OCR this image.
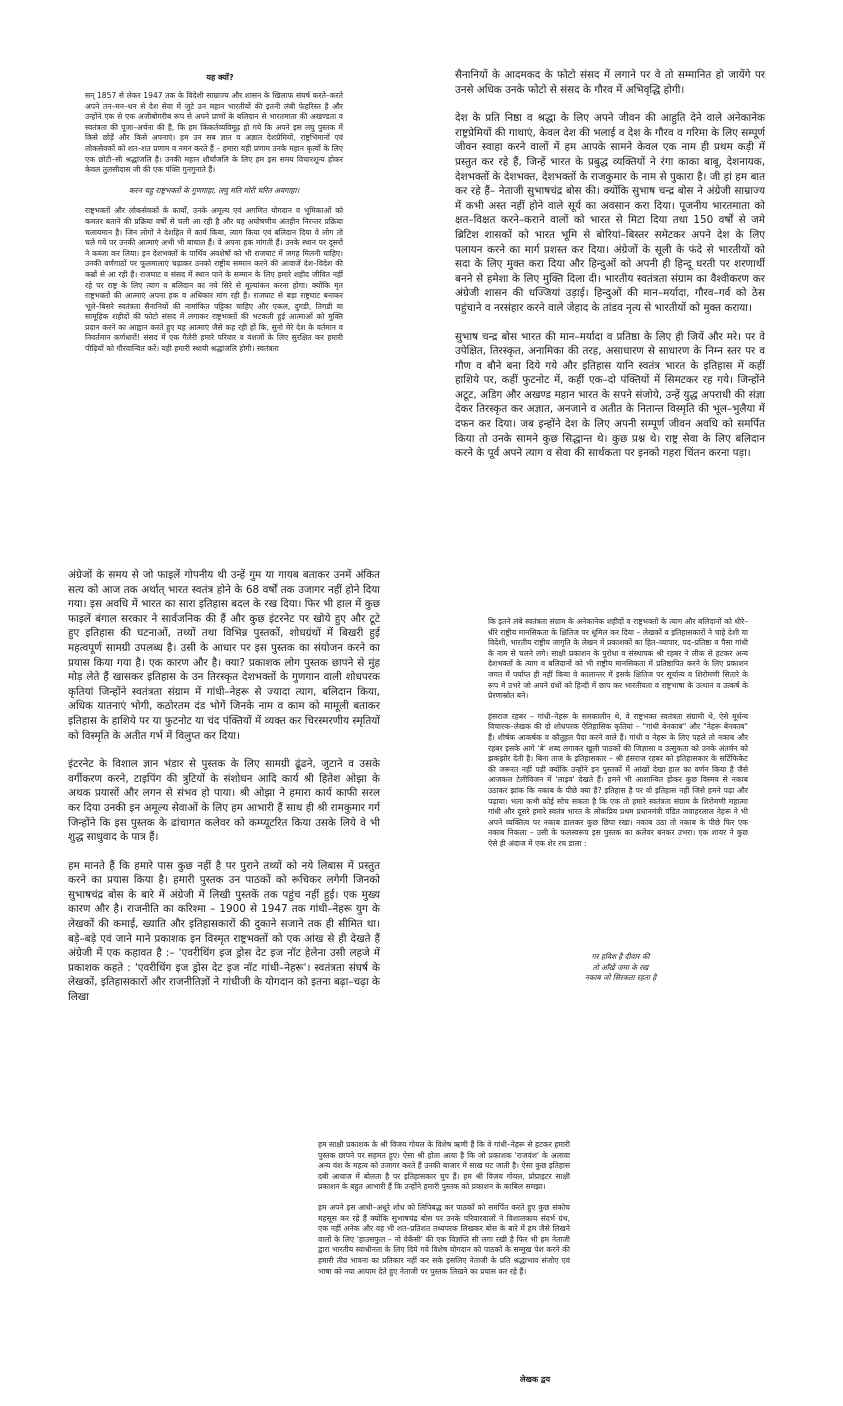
यह क्यों?

सन् 1857 से लेकर 1947 तक के विदेशी साम्राज्य और शासन के खिलाफ संघर्ष करते–करते अपने तन–मन–धन से देश सेवा में जुटे उन महान भारतीयों की इतनी लंबी फेहरिस्त है और उन्होंने एक से एक अजीबोगरीब रूप से अपने प्राणों के बलिदान से भारतमाता की अखण्डता व स्वतंत्रता की पूजा–अर्चना की है, कि हम किंकर्तव्यविमूढ़ हो गये कि अपने इस लघु पुस्तक में किसे छोड़ें और किसे अपनाएं। हम उन सब ज्ञात व अज्ञात देशप्रेमियों, राष्ट्रभिमानों एवं लोकसेवकों को शत–शत प्रणाम व नमन करते हैं – हमारा यही प्रणाम उनके महान कृत्यों के लिए एक छोटी–सी श्रद्धांजलि है। उनकी महान शौर्यांजलि के लिए हम इस समय विचारशून्य होकर केवल तुलसीदास जी की एक पंक्ति गुनगुनाते हैं।

करन चहु राष्ट्रभक्तों के गुणगाहा, लघु मति मोरी चरित अवगाहा।

राष्ट्रभक्तों और लोकसेवकों के कार्यों, उनके अमूल्य एवं अगणित योगदान व भूमिकाओं को कमतर बताने की प्रक्रिया वर्षों से चली आ रही है और यह अघोषणीय अंतहीन निरन्तर प्रक्रिया चलायमान है। जिन लोगों ने देशहित में कार्य किया, त्याग किया एवं बलिदान दिया वे लोग तो चले गये पर उनकी आत्माएं अभी भी बाचाल हैं। वे अपना हक मांगती हैं। उनके स्थान पर दूसरों ने कब्जा कर लिया। इन देशभक्तों के पार्थिव अवशेषों को भी राजघाट में जगह मिलनी चाहिए। उनकी वर्णगाठों पर फूलमालाएं चढ़ाकर उनको राष्ट्रीय सम्मान करने की आवाजें देश–विदेश की कब्रों से आ रही हैं। राजघाट व संसद में स्थान पाने के सम्मान के लिए हमारे शहीद जीवित नहीं रहे पर राष्ट्र के लिए त्याग व बलिदान का नये सिरे से मूल्यांकन करना होगा। क्योंकि मृत राष्ट्रभक्तों की आत्माएं अपना हक व अधिकार मांग रही हैं। राजघाट से बड़ा राष्ट्रघाट बनाकर भूले–बिसरे स्वतंत्रता सैनानियों की नामांकित पट्टिका चाहिए और एकल, दुगडी, तिगडी या सामूहिक शहीदों की फोटो संसद में लगाकर राष्ट्रभक्तों की भटकती हुई आत्माओं को मुक्ति प्रदान करने का आह्वान करते हुए यह आत्माएं जैसे कह रही हों कि, सुनो मेरे देश के वर्तमान व निवर्तमान कर्णधारों! संसद में एक गैलेरी हमारे परिवार व वंशजों के लिए सुरक्षित कर हमारी पीढ़ियों को गौरवान्वित करें। यही हमारी स्थायी श्रद्धांजलि होगी। स्वतंत्रता

सैनानियों के आदमकद के फोटो संसद में लगाने पर वे तो सम्मानित हो जायेंगे पर उनसे अधिक उनके फोटो से संसद के गौरव में अभिवृद्धि होगी।

देश के प्रति निष्ठा व श्रद्धा के लिए अपने जीवन की आहुति देने वाले अनेकानेक राष्ट्रप्रेमियों की गाथाएं, केवल देश की भलाई व देश के गौरव व गरिमा के लिए सम्पूर्ण जीवन स्वाहा करने वालों में हम आपके सामने केवल एक नाम ही प्रथम कड़ी में प्रस्तुत कर रहे हैं, जिन्हें भारत के प्रबुद्ध व्यक्तियों ने रंगा काका बाबू, देशनायक, देशभक्तों के देशभक्त, देशभक्तों के राजकुमार के नाम से पुकारा है। जी हां हम बात कर रहे हैं– नेताजी सुभाषचंद्र बोस की। क्योंकि सुभाष चन्द्र बोस ने अंग्रेजी साम्राज्य में कभी अस्त नहीं होने वाले सूर्य का अवसान करा दिया। पूजनीय भारतमाता को क्षत–विक्षत करने–कराने वालों को भारत से मिटा दिया तथा 150 वर्षों से जमे ब्रिटिश शासकों को भारत भूमि से बोरियां–बिस्तर समेटकर अपने देश के लिए पलायन करने का मार्ग प्रशस्त कर दिया। अंग्रेजों के सूली के फंदे से भारतीयों को सदा के लिए मुक्त करा दिया और हिन्दुओं को अपनी ही हिन्दू धरती पर शरणार्थी बनने से हमेशा के लिए मुक्ति दिला दी। भारतीय स्वतंत्रता संग्राम का वैश्वीकरण कर अंग्रेजी शासन की धज्जियां उड़ाई। हिन्दुओं की मान–मर्यादा, गौरव–गर्व को ठेस पहुंचाने व नरसंहार करने वाले जेहाद के तांडव नृत्य से भारतीयों को मुक्त कराया।

सुभाष चन्द्र बोस भारत की मान–मर्यादा व प्रतिष्ठा के लिए ही जियें और मरे। पर वे उपेक्षित, तिरस्कृत, अनामिका की तरह, असाधारण से साधारण के निम्न स्तर पर व गौण व बौने बना दिये गये और इतिहास यानि स्वतंत्र भारत के इतिहास में कहीं हाशिये पर, कहीं फुटनोट में, कहीं एक–दो पंक्तियों में सिमटकर रह गये। जिन्होंने अटूट, अडिग और अखण्ड महान भारत के सपने संजोये, उन्हें युद्ध अपराधी की संज्ञा देकर तिरस्कृत कर अज्ञात, अनजाने व अतीत के नितान्त विस्मृति की भूल–भुलैया में दफन कर दिया। जब इन्होंने देश के लिए अपनी सम्पूर्ण जीवन अवधि को समर्पित किया तो उनके सामने कुछ सिद्धान्त थे। कुछ प्रश्न थे। राष्ट्र सेवा के लिए बलिदान करने के पूर्व अपने त्याग व सेवा की सार्थकता पर इनको गहरा चिंतन करना पड़ा।

अंग्रेजों के समय से जो फाइलें गोपनीय थी उन्हें गुम या गायब बताकर उनमें अंकित सत्य को आज तक अर्थात् भारत स्वतंत्र होने के 68 वर्षों तक उजागर नहीं होने दिया गया। इस अवधि में भारत का सारा इतिहास बदल के रख दिया। फिर भी हाल में कुछ फाइलें बंगाल सरकार ने सार्वजनिक की हैं और कुछ इंटरनेट पर खोये हुए और टूटे हुए इतिहास की घटनाओं, तथ्यों तथा विभिन्न पुस्तकों, शोधग्रंथों में बिखरी हुई महत्वपूर्ण सामग्री उपलब्ध है। उसी के आधार पर इस पुस्तक का संयोजन करने का प्रयास किया गया है। एक कारण और है। क्या? प्रकाशक लोग पुस्तक छापने से मुंह मोड़ लेते हैं खासकर इतिहास के उन तिरस्कृत देशभक्तों के गुणगान वाली शोधपरक कृतियां जिन्होंने स्वतंत्रता संग्राम में गांधी–नेहरू से ज्यादा त्याग, बलिदान किया, अधिक यातनाएं भोगी, कठोरतम दंड भोगें जिनके नाम व काम को मामूली बताकर इतिहास के हाशिये पर या फुटनोट या चंद पंक्तियों में व्यक्त कर चिरस्मरणीय स्मृतियों को विस्मृति के अतीत गर्भ में विलुप्त कर दिया।

इंटरनेट के विशाल ज्ञान भंडार से पुस्तक के लिए सामग्री ढूंढने, जुटाने व उसके वर्गीकरण करने, टाइपिंग की त्रुटियों के संशोधन आदि कार्य श्री हितेश ओझा के अथक प्रयासों और लगन से संभव हो पाया। श्री ओझा ने हमारा कार्य काफी सरल कर दिया उनकी इन अमूल्य सेवाओं के लिए हम आभारी हैं साथ ही श्री रामकुमार गर्ग जिन्होंने कि इस पुस्तक के ढांचागत कलेवर को कम्प्यूटरित किया उसके लिये वे भी शुद्ध साधुवाद के पात्र हैं।

हम मानते हैं कि हमारे पास कुछ नहीं है पर पुराने तथ्यों को नये लिबास में प्रस्तुत करने का प्रयास किया है। हमारी पुस्तक उन पाठकों को रूचिकर लगेगी जिनको सुभाषचंद्र बोस के बारे में अंग्रेजी में लिखी पुस्तकें तक पहुंच नहीं हुई। एक मुख्य कारण और है। राजनीति का करिश्मा – 1900 से 1947 तक गांधी–नेहरू युग के लेखकों की कमाई, ख्याति और इतिहासकारों की दुकाने सजाने तक ही सीमित था। बड़े–बड़े एवं जाने माने प्रकाशक इन विस्मृत राष्ट्रभक्तों को एक आंख से ही देखते हैं अंग्रेजी में एक कहावत है :– 'एवरीथिंग इज ड्रोस देट इज नॉट हेलेना उसी लहजे में प्रकाशक कहते : 'एवरीथिंग इज ड्रोस देट इज नॉट गांधी–नेहरू'। स्वतंत्रता संघर्ष के लेखकों, इतिहासकारों और राजनीतिज्ञों ने गांधीजी के योगदान को इतना बढ़ा–चढ़ा के लिखा

कि इतने लंबे स्वतंत्रता संग्राम के अनेकानेक शहीदों व राष्ट्रभक्तों के त्याग और बलिदानों को धीरे–धीरे राष्ट्रीय मानसिकता के क्षितिज पर धूमिल कर दिया – लेखकों व इतिहासकारों ने चाहे देशी या विदेशी, भारतीय राष्ट्रीय जागृति के लेखन में प्रकाशकों का हित–व्यापार, पद–प्रतिष्ठा व पैसा गांधी के नाम से चलने लगे। साक्षी प्रकाशन के पुरोधा व संस्थापक श्री रहबर ने लीक से हटकर अन्य देशभक्तों के त्याग व बलिदानों को भी राष्ट्रीय मानसिकता में प्रतिष्ठापित करने के लिए प्रकाशन जगत में पर्याप्त ही नहीं किया वे कालान्तर में इसके क्षितिज पर सूर्यान्य व शिरोमणी सितारे के रूप में उभरे जो अपने ग्रंथों को हिन्दी में छाप कर भारतीयता व राष्ट्रभाषा के उत्थान व उत्कर्ष के प्रेरणास्रोत बने।

हंसराज रहबर – गांधी–नेहरू के समकालीन थे, वे राष्ट्रभक्त स्वतंत्रता संग्रामी थे, ऐसे मूर्धन्य विचारक–लेखक की दो शोधपरक ऐतिहासिक कृतियां – "गांधी बेनकाब" और "नेहरू बेनकाब" हैं। शीर्षक आकर्षक व कौतूहल पैदा करने वाले हैं। गांधी व नेहरू के लिए पहले तो नकाब और रहबर इसके आगे 'बे' शब्द लगाकर खुली पाठकों की जिज्ञासा व उत्सुकता को उनके अंतर्मन को झकझोर देती है। बिना ताज के इतिहासकार – श्री हंसराज रहबर को इतिहासकार के सर्टिफिकेट की जरूरत नहीं पड़ी क्योंकि उन्होंने इन पुस्तकों में आंखों देखा हाल का वर्णन किया है जैसे आजकल टेलीविजन में 'लाइव' देखते हैं। हमने भी आशान्वित होकर कुछ विस्मय से नकाब उठाकर झांक कि नकाब के पीछे क्या है? इतिहास है पर वो इतिहास नहीं जिसे हमने पढ़ा और पढ़ाया। भला कभी कोई सोच सकता है कि एक तो हमारे स्वतंत्रता संग्राम के शिरोमणी महात्मा गांधी और दूसरे हमारे स्वतंत्र भारत के लोकप्रिय प्रथम प्रधानमंत्री पंडित जवाहरलाल नेहरू ने भी अपने व्यक्तित्व पर नकाब डालकर कुछ छिपा रखा। नकाब उठा तो नकाब के पीछे फिर एक नकाब निकला – उसी के फलस्वरूप इस पुस्तक का कलेवर बनकर उभरा। एक शायर ने कुछ ऐसे ही अंदाज में एक शेर रच डाला :

गर हविश है दीवार की
तो आँखें जमा के रख
नकाब जो सिरकता रहता है

हम साक्षी प्रकाशक के श्री विजय गोयल के विशेष ऋणी हैं कि वे गांधी–नेहरू से हटकर हमारी पुस्तक छापने पर सहमत हुए। ऐसा श्री होता आया है कि जो प्रकाशक 'राजवंश' के अलावा अन्य वंश के महत्व को उजागर करते हैं उनकी बाजार में साख घट जाती है। ऐसा कुछ इतिहास दबी आवाज में बोलता है पर इतिहासकार चुप हैं। हम श्री विजय गोयल, प्रोप्राइटर साक्षी प्रकाशन के बहुत आभारी हैं कि उन्होंने हमारी पुस्तक को प्रकाशन के काबिल समझा।

हम अपने इस आधी–अधूरे शोध को लिपिबद्ध कर पाठकों को समर्पित करते हुए कुछ संकोच महसूस कर रहे हैं क्योंकि सुभाषचंद्र बोस पर उनके परिवारवालों ने विशालकाय संदर्भ ग्रंथ, एक नहीं अनेक और वह भी शत–प्रतिशत तथ्यपरक लिखकर बोस के बारे में हम जैसे लिखने वालों के लिए 'हाउसफुल – नो वेकेंसी' की एक विज्ञप्ति सी लगा रखी है फिर भी हम नेताजी द्वारा भारतीय स्वाधीनता के लिए दिये गये विशेष योगदान को पाठकों के सम्मुख पेश करने की हमारी तीव्र भावना का प्रतिकार नहीं कर सके इसलिए नेताजी के प्रति श्रद्धाभाव संजोए एवं भाषा को नया आयाम देते हुए नेताजी पर पुस्तक लिखने का प्रयास कर रहे हैं।

लेखक द्वय
